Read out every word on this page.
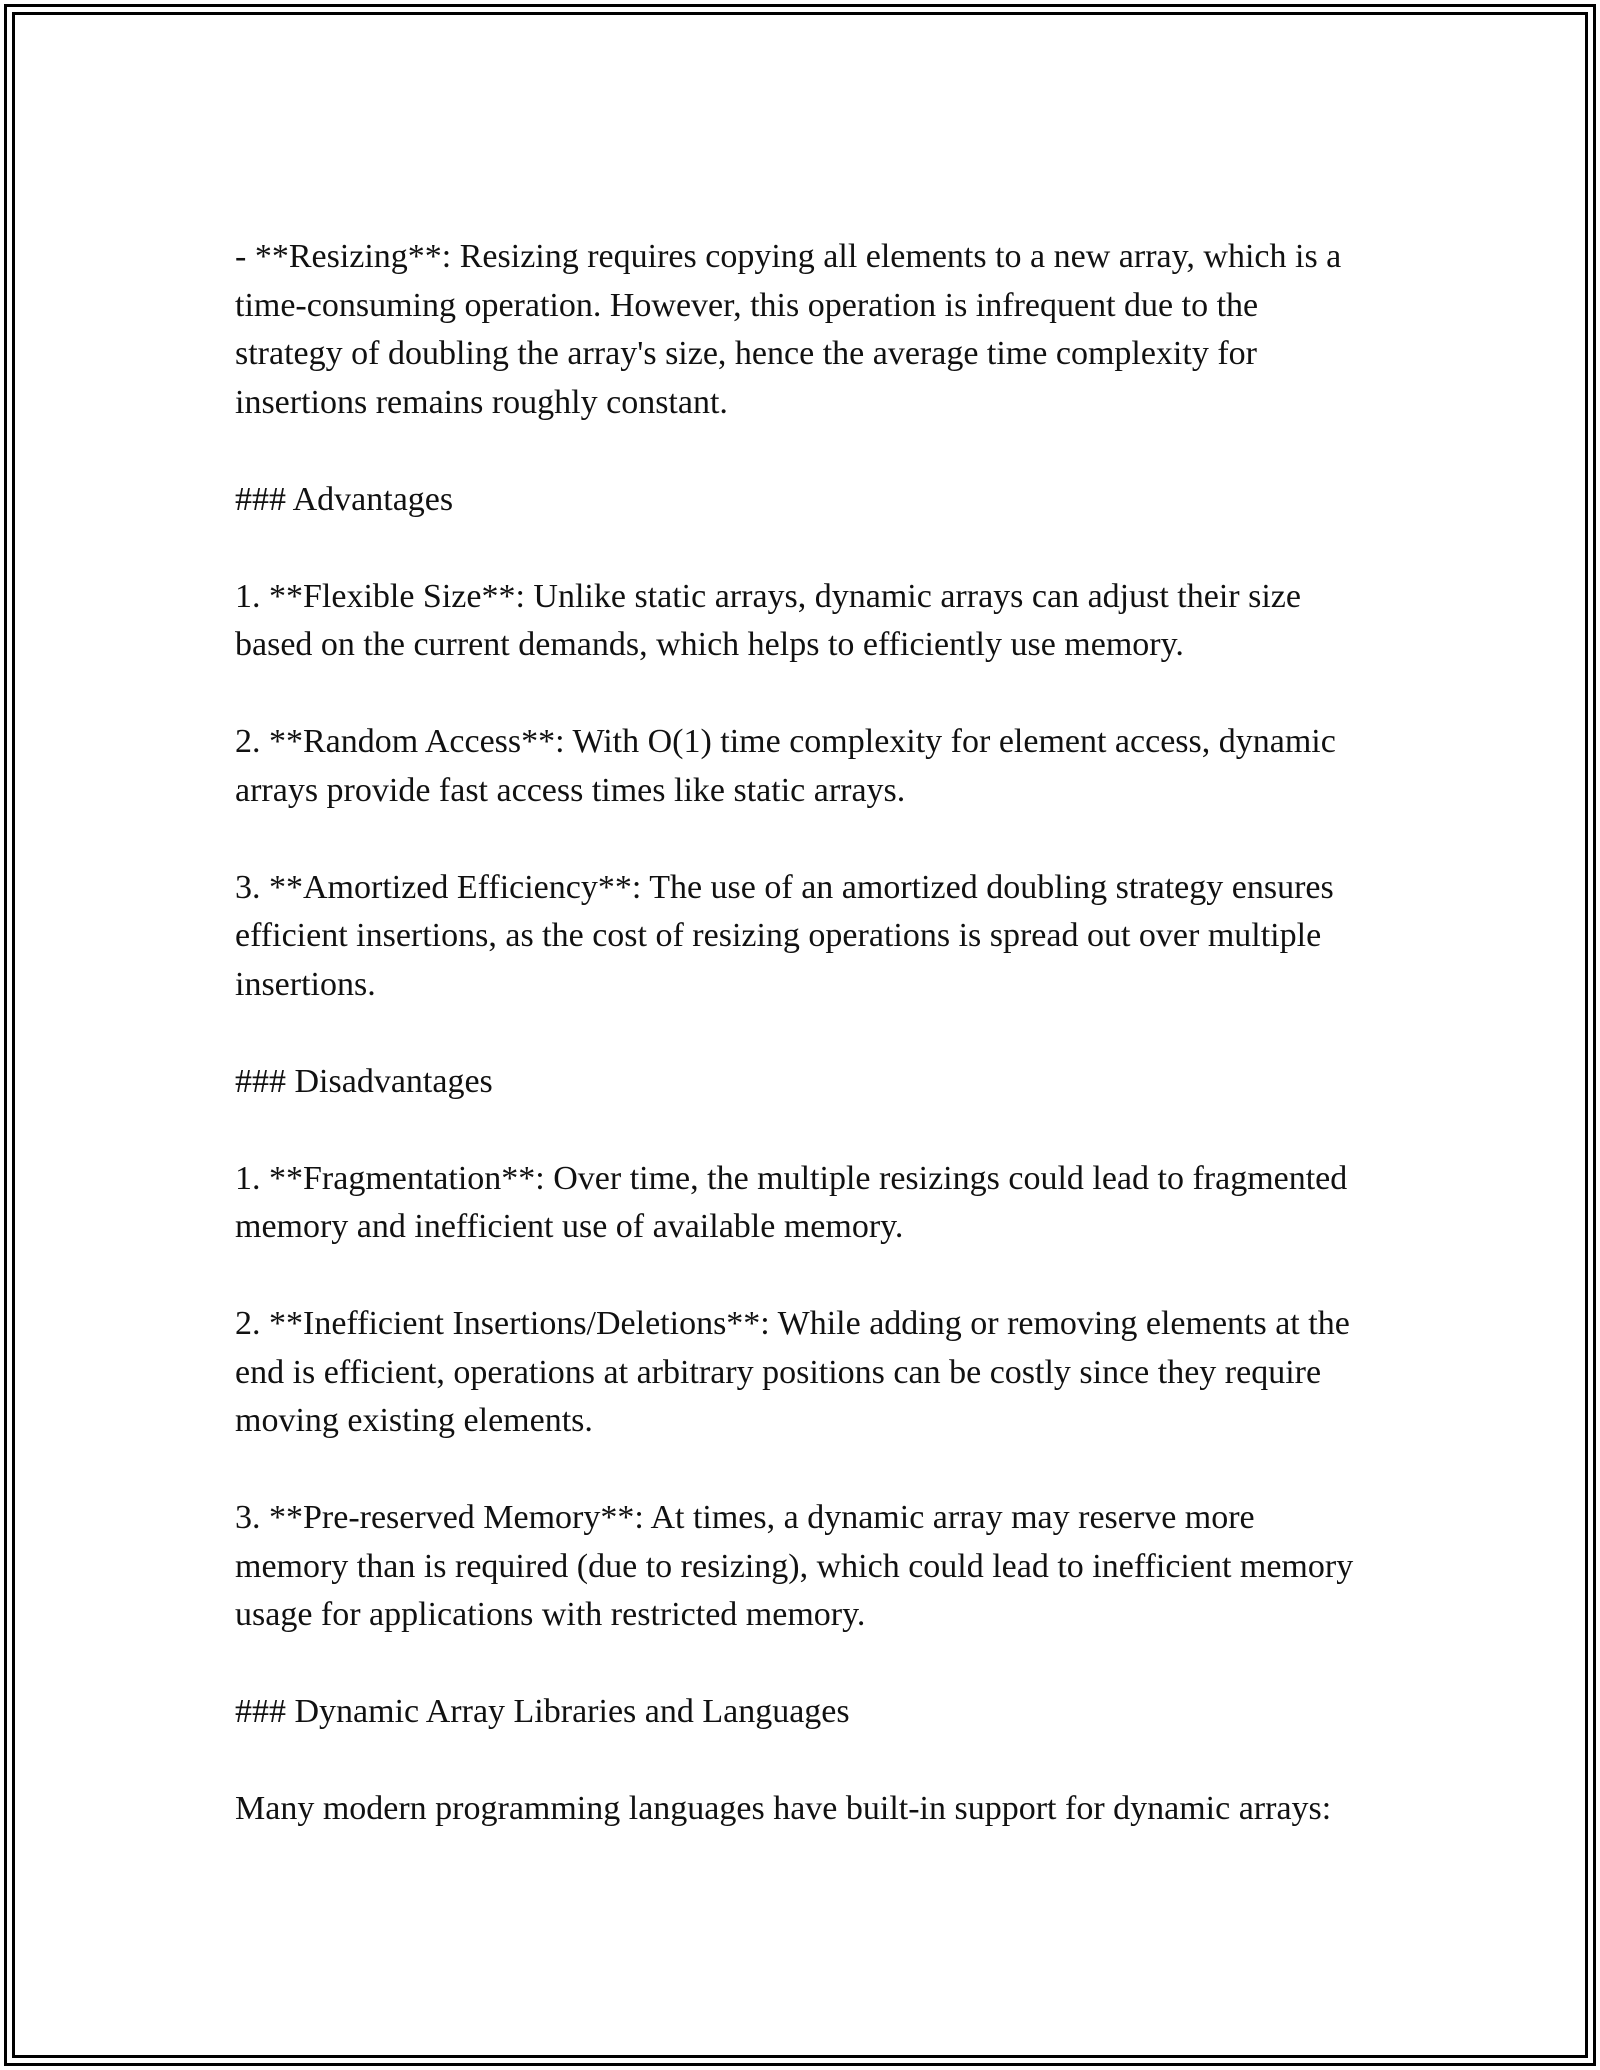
- **Resizing**: Resizing requires copying all elements to a new array, which is a time-consuming operation. However, this operation is infrequent due to the strategy of doubling the array's size, hence the average time complexity for insertions remains roughly constant.

### Advantages

1. **Flexible Size**: Unlike static arrays, dynamic arrays can adjust their size based on the current demands, which helps to efficiently use memory.

2. **Random Access**: With O(1) time complexity for element access, dynamic arrays provide fast access times like static arrays.

3. **Amortized Efficiency**: The use of an amortized doubling strategy ensures efficient insertions, as the cost of resizing operations is spread out over multiple insertions.

### Disadvantages

1. **Fragmentation**: Over time, the multiple resizings could lead to fragmented memory and inefficient use of available memory.

2. **Inefficient Insertions/Deletions**: While adding or removing elements at the end is efficient, operations at arbitrary positions can be costly since they require moving existing elements.

3. **Pre-reserved Memory**: At times, a dynamic array may reserve more memory than is required (due to resizing), which could lead to inefficient memory usage for applications with restricted memory.

### Dynamic Array Libraries and Languages

Many modern programming languages have built-in support for dynamic arrays:
